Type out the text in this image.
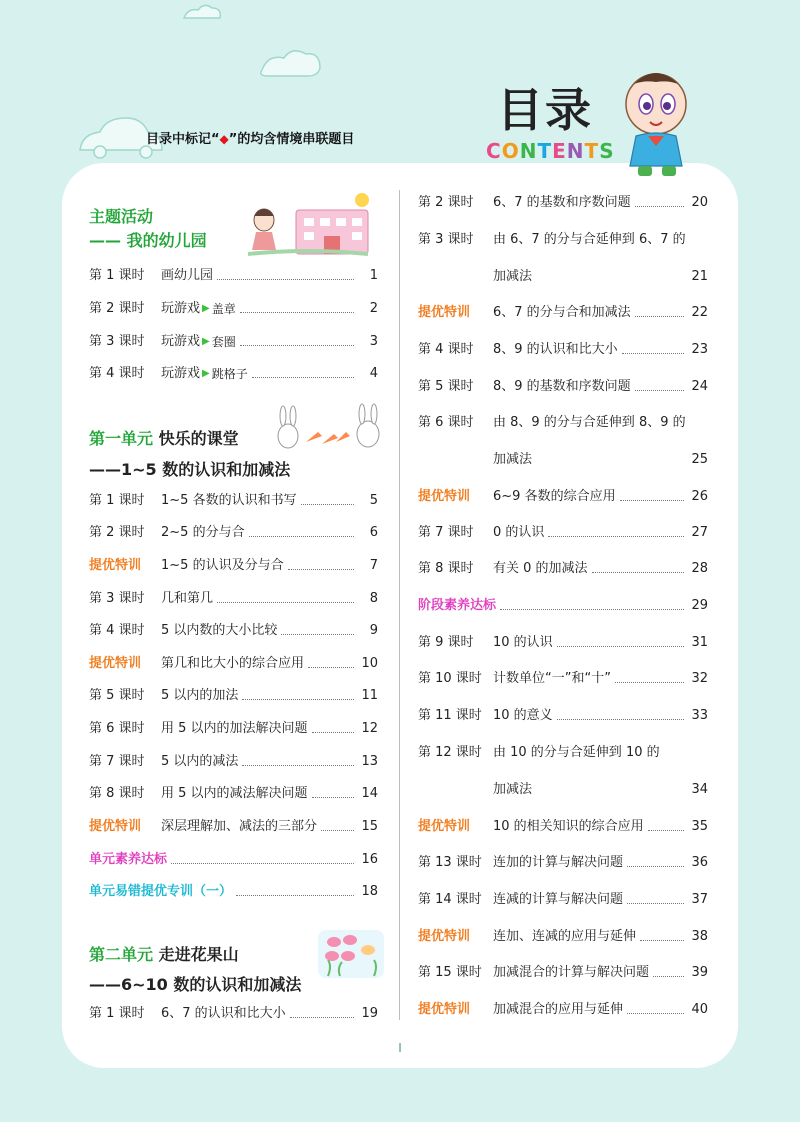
目录中标记“◆”的均含情境串联题目
目录
CONTENTS
主题活动
—— 我的幼儿园
第 1 课时	画幼儿园	1
第 2 课时	玩游戏 ▶ 盖章	2
第 3 课时	玩游戏 ▶ 套圈	3
第 4 课时	玩游戏 ▶ 跳格子	4
第一单元 快乐的课堂
——1~5 数的认识和加减法
第 1 课时	1~5 各数的认识和书写	5
第 2 课时	2~5 的分与合	6
提优特训	1~5 的认识及分与合	7
第 3 课时	几和第几	8
第 4 课时	5 以内数的大小比较	9
提优特训	第几和比大小的综合应用	10
第 5 课时	5 以内的加法	11
第 6 课时	用 5 以内的加法解决问题	12
第 7 课时	5 以内的减法	13
第 8 课时	用 5 以内的减法解决问题	14
提优特训	深层理解加、减法的三部分	15
单元素养达标	16
单元易错提优专训（一）	18
第二单元 走进花果山
——6~10 数的认识和加减法
第 1 课时	6、7 的认识和比大小	19
第 2 课时	6、7 的基数和序数问题	20
第 3 课时	由 6、7 的分与合延伸到 6、7 的
加减法	21
提优特训	6、7 的分与合和加减法	22
第 4 课时	8、9 的认识和比大小	23
第 5 课时	8、9 的基数和序数问题	24
第 6 课时	由 8、9 的分与合延伸到 8、9 的
加减法	25
提优特训	6~9 各数的综合应用	26
第 7 课时	0 的认识	27
第 8 课时	有关 0 的加减法	28
阶段素养达标	29
第 9 课时	10 的认识	31
第 10 课时 计数单位“一”和“十”	32
第 11 课时 10 的意义	33
第 12 课时 由 10 的分与合延伸到 10 的
加减法	34
提优特训	10 的相关知识的综合应用	35
第 13 课时 连加的计算与解决问题	36
第 14 课时 连减的计算与解决问题	37
提优特训	连加、连减的应用与延伸	38
第 15 课时 加减混合的计算与解决问题	39
提优特训	加减混合的应用与延伸	40
I
